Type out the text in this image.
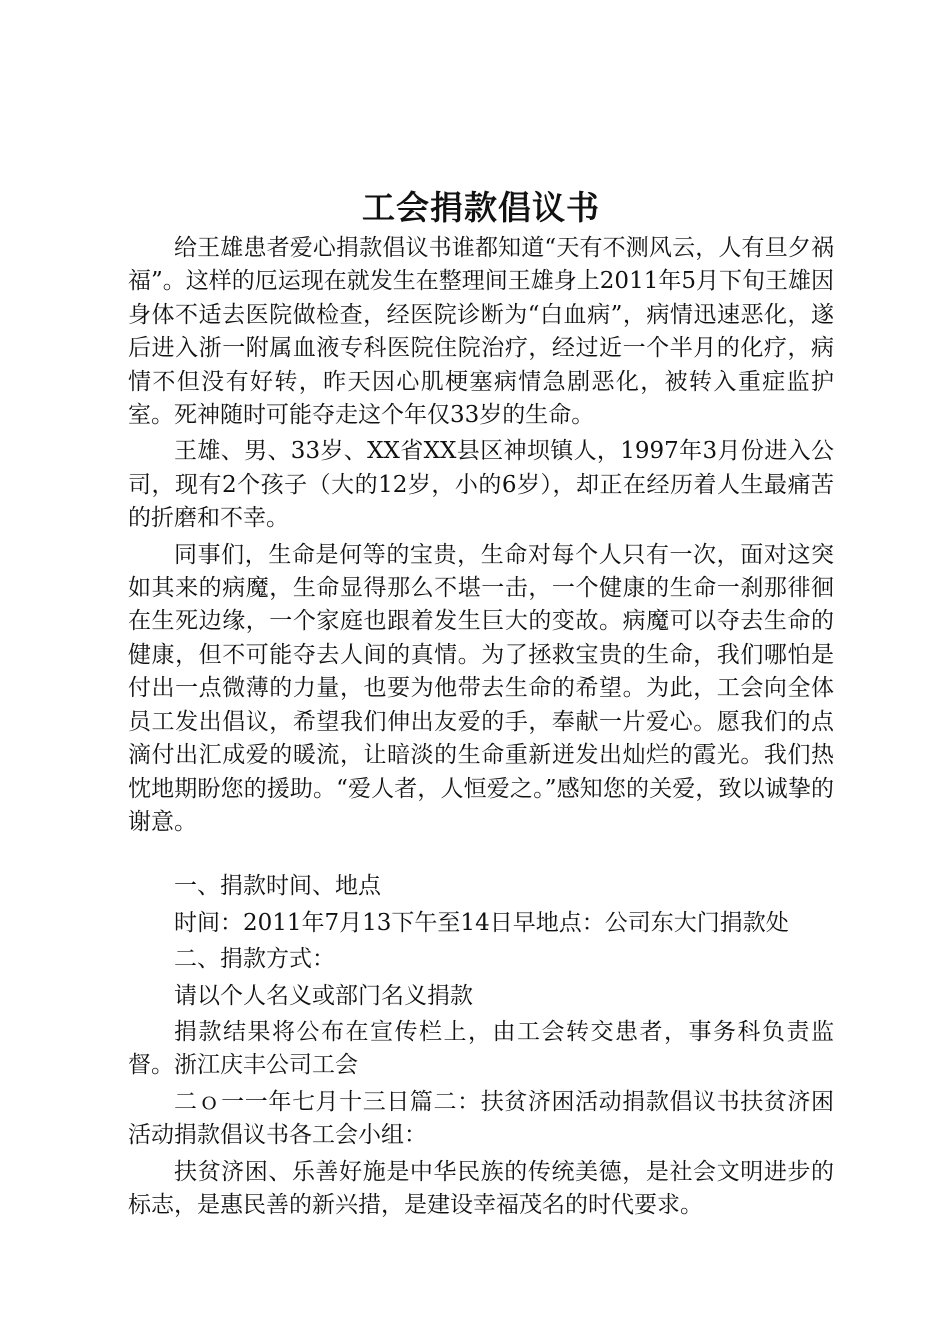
工会捐款倡议书

给王雄患者爱心捐款倡议书谁都知道“天有不测风云，人有旦夕祸福”。这样的厄运现在就发生在整理间王雄身上2011年5月下旬王雄因身体不适去医院做检查，经医院诊断为“白血病”，病情迅速恶化，遂后进入浙一附属血液专科医院住院治疗，经过近一个半月的化疗，病情不但没有好转，昨天因心肌梗塞病情急剧恶化，被转入重症监护室。死神随时可能夺走这个年仅33岁的生命。

王雄、男、33岁、XX省XX县区神坝镇人，1997年3月份进入公司，现有2个孩子（大的12岁，小的6岁），却正在经历着人生最痛苦的折磨和不幸。

同事们，生命是何等的宝贵，生命对每个人只有一次，面对这突如其来的病魔，生命显得那么不堪一击，一个健康的生命一刹那徘徊在生死边缘，一个家庭也跟着发生巨大的变故。病魔可以夺去生命的健康，但不可能夺去人间的真情。为了拯救宝贵的生命，我们哪怕是付出一点微薄的力量，也要为他带去生命的希望。为此，工会向全体员工发出倡议，希望我们伸出友爱的手，奉献一片爱心。愿我们的点滴付出汇成爱的暖流，让暗淡的生命重新迸发出灿烂的霞光。我们热忱地期盼您的援助。“爱人者，人恒爱之。”感知您的关爱，致以诚挚的谢意。

一、捐款时间、地点

时间：2011年7月13下午至14日早地点：公司东大门捐款处

二、捐款方式：

请以个人名义或部门名义捐款

捐款结果将公布在宣传栏上，由工会转交患者，事务科负责监督。浙江庆丰公司工会

二ｏ一一年七月十三日篇二：扶贫济困活动捐款倡议书扶贫济困活动捐款倡议书各工会小组：

扶贫济困、乐善好施是中华民族的传统美德，是社会文明进步的标志，是惠民善的新兴措，是建设幸福茂名的时代要求。
